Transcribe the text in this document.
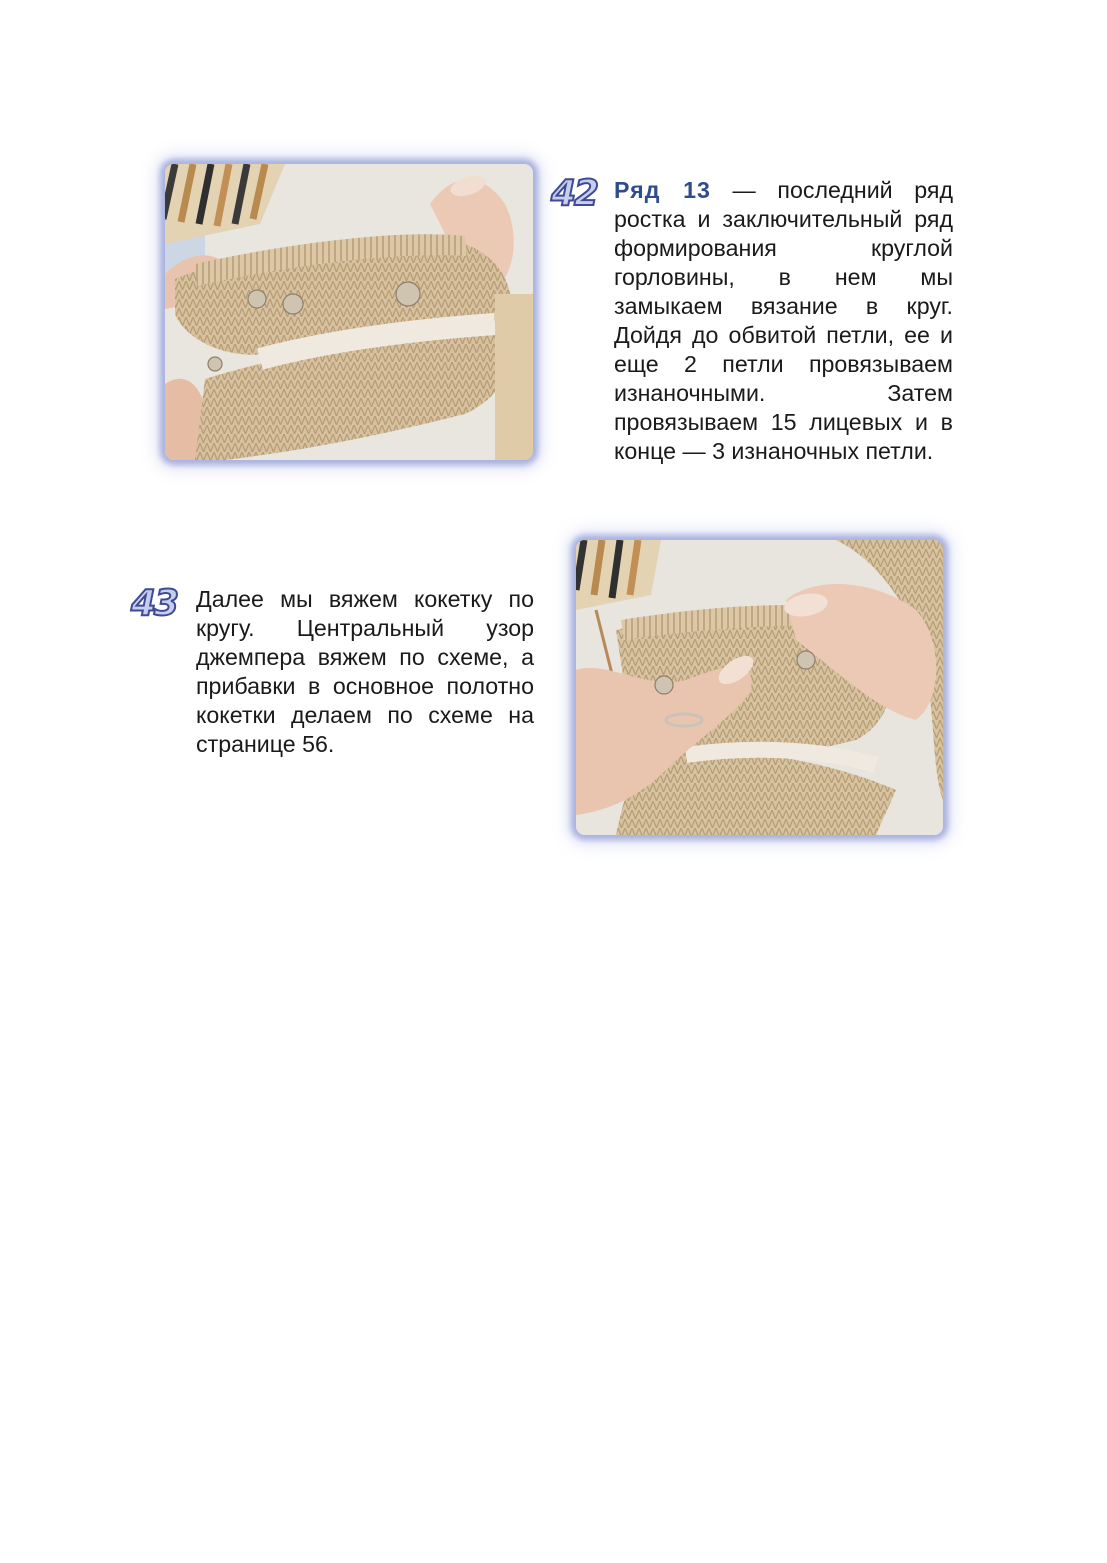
42 Ряд 13 — последний ряд ростка и заключительный ряд формирования круглой горловины, в нем мы замыкаем вязание в круг. Дойдя до обвитой петли, ее и еще 2 петли провязываем изнаночными. Затем провязываем 15 лицевых и в конце — 3 изнаночных петли.

43 Далее мы вяжем кокетку по кругу. Центральный узор джемпера вяжем по схеме, а прибавки в основное полотно кокетки делаем по схеме на странице 56.
